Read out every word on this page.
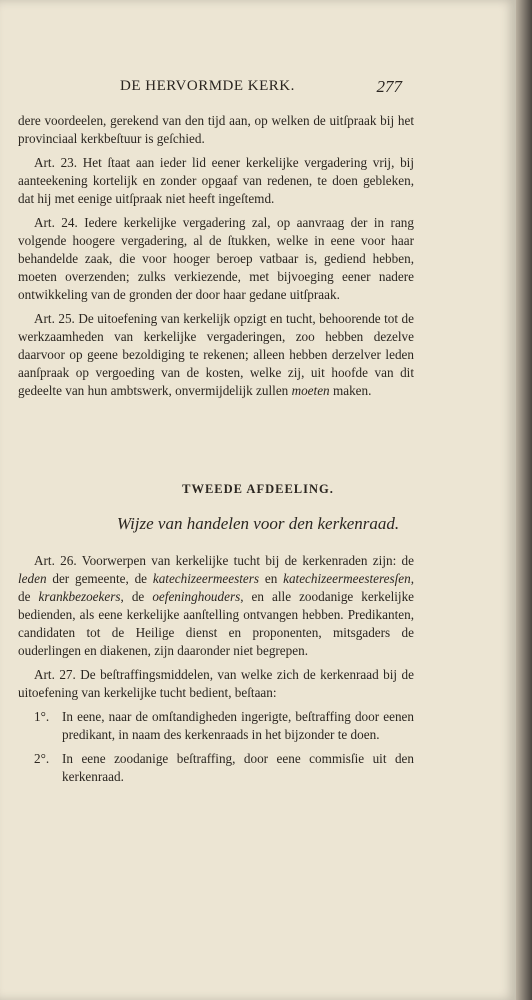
DE HERVORMDE KERK.	277

dere voordeelen, gerekend van den tijd aan, op welken de uitſpraak bij het provinciaal kerkbeſtuur is geſchied.

Art. 23. Het ſtaat aan ieder lid eener kerkelijke vergadering vrij, bij aanteekening kortelijk en zonder opgaaf van redenen, te doen gebleken, dat hij met eenige uitſpraak niet heeft ingeſtemd.

Art. 24. Iedere kerkelijke vergadering zal, op aanvraag der in rang volgende hoogere vergadering, al de ſtukken, welke in eene voor haar behandelde zaak, die voor hooger beroep vatbaar is, gediend hebben, moeten overzenden; zulks verkiezende, met bijvoeging eener nadere ontwikkeling van de gronden der door haar gedane uitſpraak.

Art. 25. De uitoefening van kerkelijk opzigt en tucht, behoorende tot de werkzaamheden van kerkelijke vergaderingen, zoo hebben dezelve daarvoor op geene bezoldiging te rekenen; alleen hebben derzelver leden aanſpraak op vergoeding van de kosten, welke zij, uit hoofde van dit gedeelte van hun ambtswerk, onvermijdelijk zullen moeten maken.

TWEEDE AFDEELING.
Wijze van handelen voor den kerkenraad.

Art. 26. Voorwerpen van kerkelijke tucht bij de kerkenraden zijn: de leden der gemeente, de katechizeermeesters en katechizeermeesteresſen, de krankbezoekers, de oefeninghouders, en alle zoodanige kerkelijke bedienden, als eene kerkelijke aanſtelling ontvangen hebben. Predikanten, candidaten tot de Heilige dienst en proponenten, mitsgaders de ouderlingen en diakenen, zijn daaronder niet begrepen.

Art. 27. De beſtraffingsmiddelen, van welke zich de kerkenraad bij de uitoefening van kerkelijke tucht bedient, beſtaan:

1°. In eene, naar de omſtandigheden ingerigte, beſtraffing door eenen predikant, in naam des kerkenraads in het bijzonder te doen.

2°. In eene zoodanige beſtraffing, door eene commisſie uit den kerkenraad.
